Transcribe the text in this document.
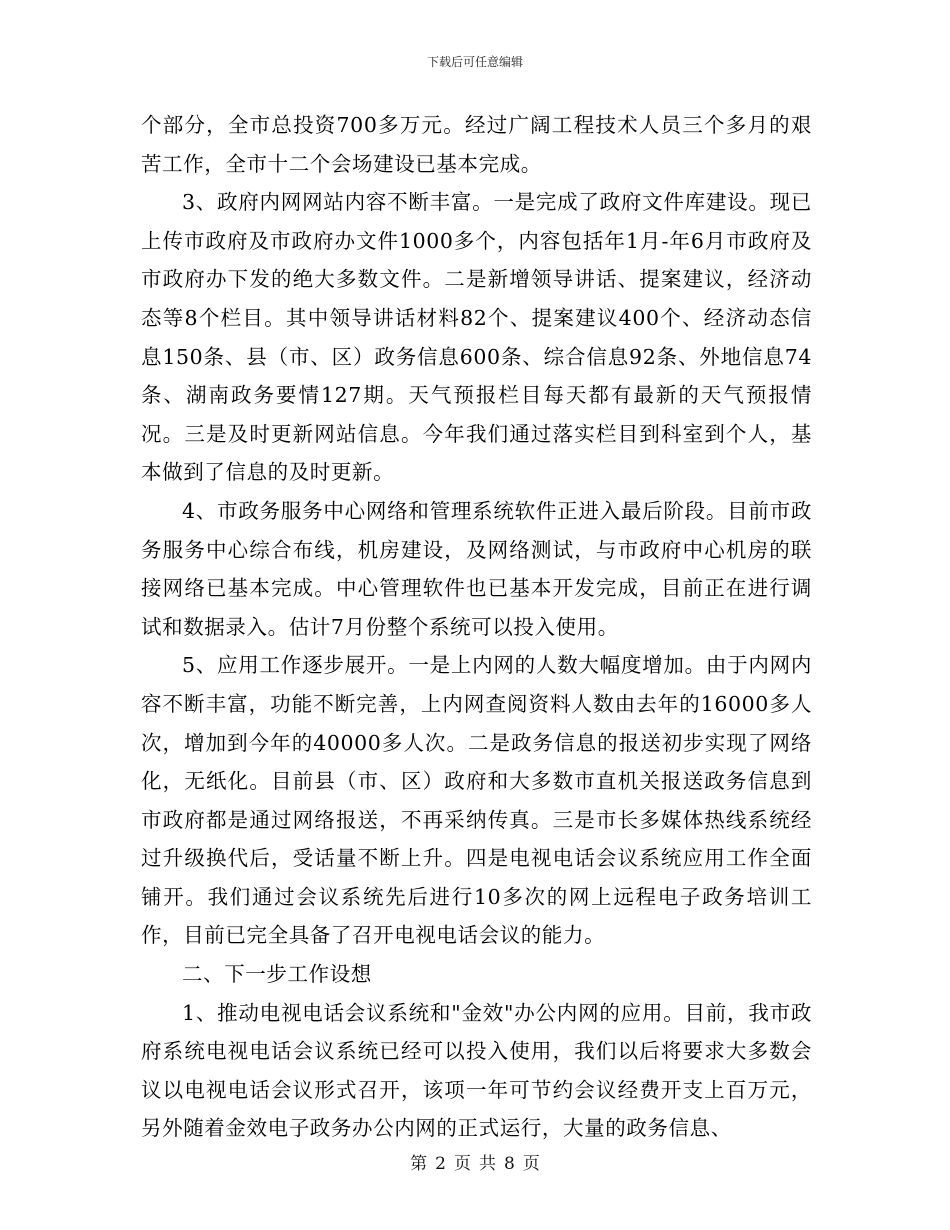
下载后可任意编辑

个部分，全市总投资700多万元。经过广阔工程技术人员三个多月的艰苦工作，全市十二个会场建设已基本完成。

3、政府内网网站内容不断丰富。一是完成了政府文件库建设。现已上传市政府及市政府办文件1000多个，内容包括年1月-年6月市政府及市政府办下发的绝大多数文件。二是新增领导讲话、提案建议，经济动态等8个栏目。其中领导讲话材料82个、提案建议400个、经济动态信息150条、县（市、区）政务信息600条、综合信息92条、外地信息74条、湖南政务要情127期。天气预报栏目每天都有最新的天气预报情况。三是及时更新网站信息。今年我们通过落实栏目到科室到个人，基本做到了信息的及时更新。

4、市政务服务中心网络和管理系统软件正进入最后阶段。目前市政务服务中心综合布线，机房建设，及网络测试，与市政府中心机房的联接网络已基本完成。中心管理软件也已基本开发完成，目前正在进行调试和数据录入。估计7月份整个系统可以投入使用。

5、应用工作逐步展开。一是上内网的人数大幅度增加。由于内网内容不断丰富，功能不断完善，上内网查阅资料人数由去年的16000多人次，增加到今年的40000多人次。二是政务信息的报送初步实现了网络化，无纸化。目前县（市、区）政府和大多数市直机关报送政务信息到市政府都是通过网络报送，不再采纳传真。三是市长多媒体热线系统经过升级换代后，受话量不断上升。四是电视电话会议系统应用工作全面铺开。我们通过会议系统先后进行10多次的网上远程电子政务培训工作，目前已完全具备了召开电视电话会议的能力。

二、下一步工作设想

1、推动电视电话会议系统和"金效"办公内网的应用。目前，我市政府系统电视电话会议系统已经可以投入使用，我们以后将要求大多数会议以电视电话会议形式召开，该项一年可节约会议经费开支上百万元，另外随着金效电子政务办公内网的正式运行，大量的政务信息、

第 2 页 共 8 页
